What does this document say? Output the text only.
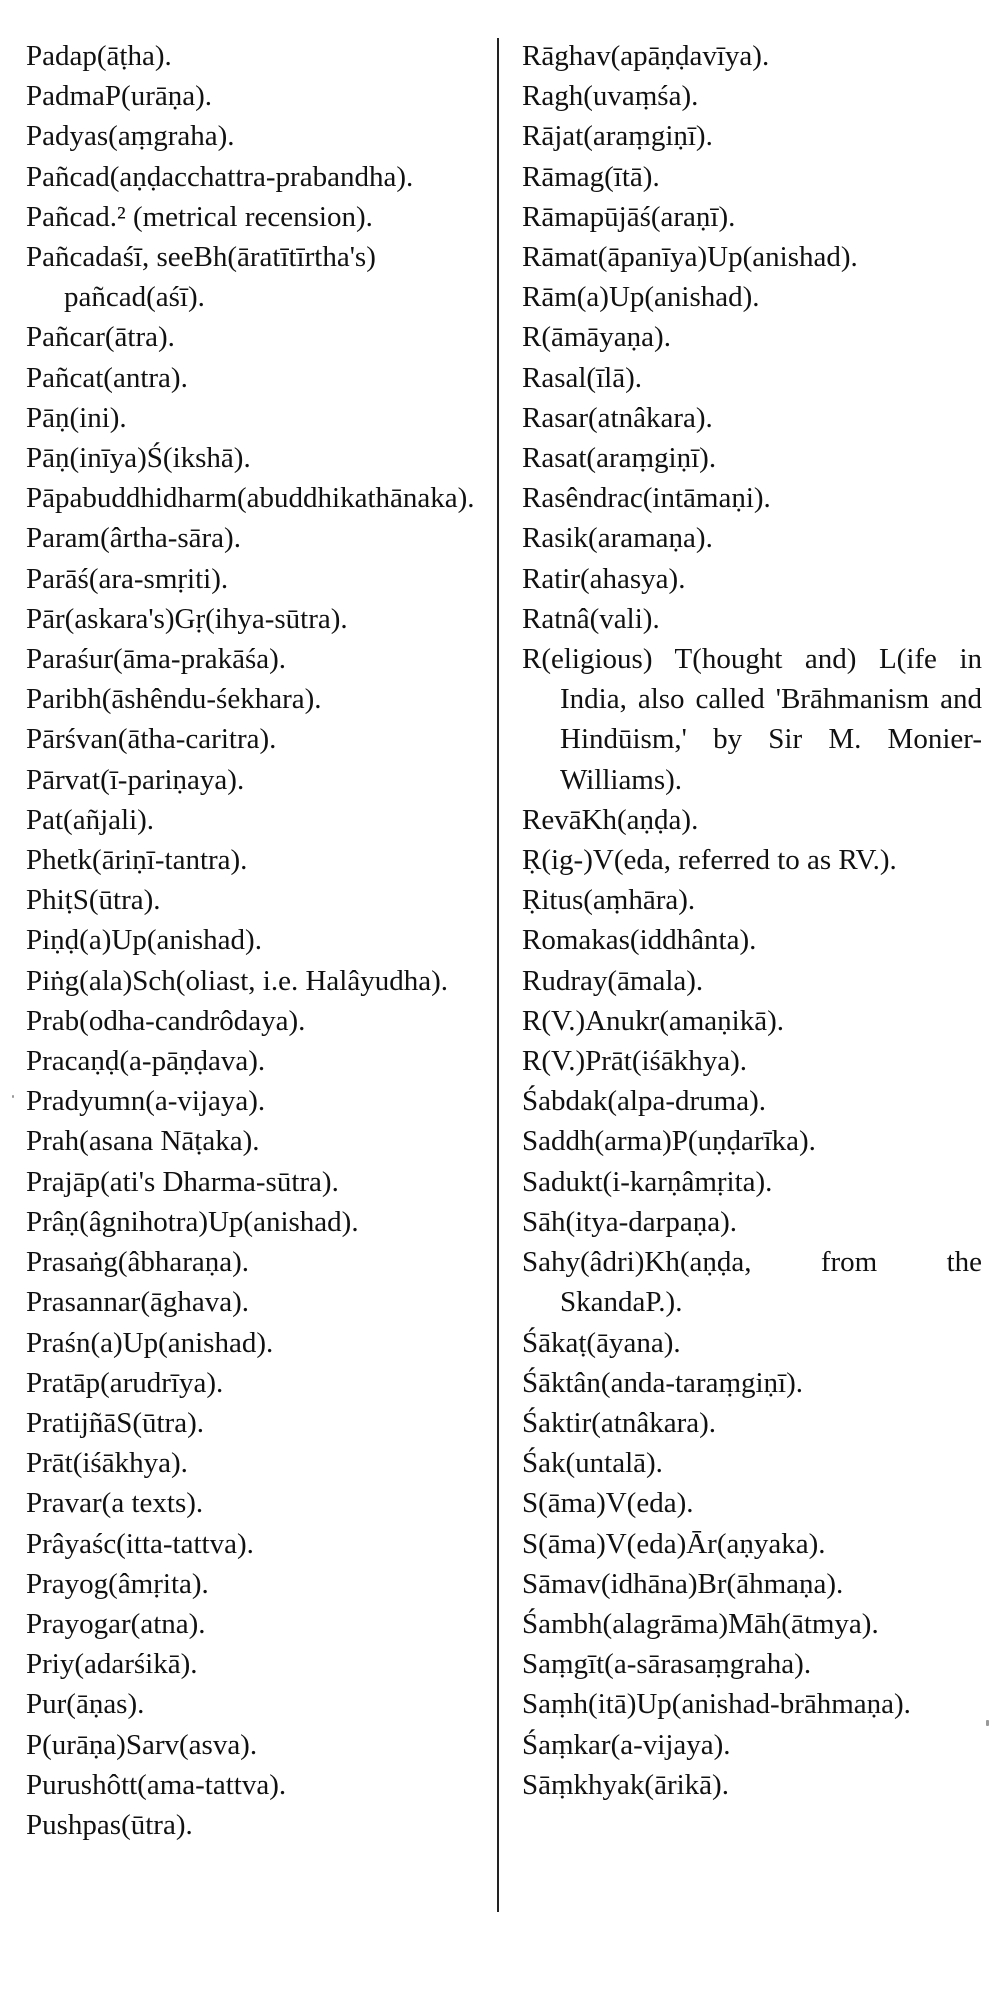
Padap(āṭha).
PadmaP(urāṇa).
Padyas(aṃgraha).
Pañcad(aṇḍacchattra-prabandha).
Pañcad.² (metrical recension).
Pañcadaśī, seeBh(āratītīrtha's) pañcad(aśī).
Pañcar(ātra).
Pañcat(antra).
Pāṇ(ini).
Pāṇ(inīya)Ś(ikshā).
Pāpabuddhidharm(abuddhikathānaka).
Param(ârtha-sāra).
Parāś(ara-smṛiti).
Pār(askara's)Gṛ(ihya-sūtra).
Paraśur(āma-prakāśa).
Paribh(āshêndu-śekhara).
Pārśvan(ātha-caritra).
Pārvat(ī-pariṇaya).
Pat(añjali).
Phetk(āriṇī-tantra).
PhiṭS(ūtra).
Piṇḍ(a)Up(anishad).
Piṅg(ala)Sch(oliast, i.e. Halâyudha).
Prab(odha-candrôdaya).
Pracaṇḍ(a-pāṇḍava).
Pradyumn(a-vijaya).
Prah(asana Nāṭaka).
Prajāp(ati's Dharma-sūtra).
Prâṇ(âgnihotra)Up(anishad).
Prasaṅg(âbharaṇa).
Prasannar(āghava).
Praśn(a)Up(anishad).
Pratāp(arudrīya).
PratijñāS(ūtra).
Prāt(iśākhya).
Pravar(a texts).
Prâyaśc(itta-tattva).
Prayog(âmṛita).
Prayogar(atna).
Priy(adarśikā).
Pur(āṇas).
P(urāṇa)Sarv(asva).
Purushôtt(ama-tattva).
Pushpas(ūtra).
Rāghav(apāṇḍavīya).
Ragh(uvaṃśa).
Rājat(araṃgiṇī).
Rāmag(ītā).
Rāmapūjāś(araṇī).
Rāmat(āpanīya)Up(anishad).
Rām(a)Up(anishad).
R(āmāyaṇa).
Rasal(īlā).
Rasar(atnâkara).
Rasat(araṃgiṇī).
Rasêndrac(intāmaṇi).
Rasik(aramaṇa).
Ratir(ahasya).
Ratnâ(vali).
R(eligious) T(hought and) L(ife in India, also called 'Brāhmanism and Hindūism,' by Sir M. Monier-Williams).
RevāKh(aṇḍa).
Ṛ(ig-)V(eda, referred to as RV.).
Ṛitus(aṃhāra).
Romakas(iddhânta).
Rudray(āmala).
R(V.)Anukr(amaṇikā).
R(V.)Prāt(iśākhya).
Śabdak(alpa-druma).
Saddh(arma)P(uṇḍarīka).
Sadukt(i-karṇâmṛita).
Sāh(itya-darpaṇa).
Sahy(âdri)Kh(aṇḍa, from the SkandaP.).
Śākaṭ(āyana).
Śāktân(anda-taraṃgiṇī).
Śaktir(atnâkara).
Śak(untalā).
S(āma)V(eda).
S(āma)V(eda)Ār(aṇyaka).
Sāmav(idhāna)Br(āhmaṇa).
Śambh(alagrāma)Māh(ātmya).
Saṃgīt(a-sārasaṃgraha).
Saṃh(itā)Up(anishad-brāhmaṇa).
Śaṃkar(a-vijaya).
Sāṃkhyak(ārikā).
